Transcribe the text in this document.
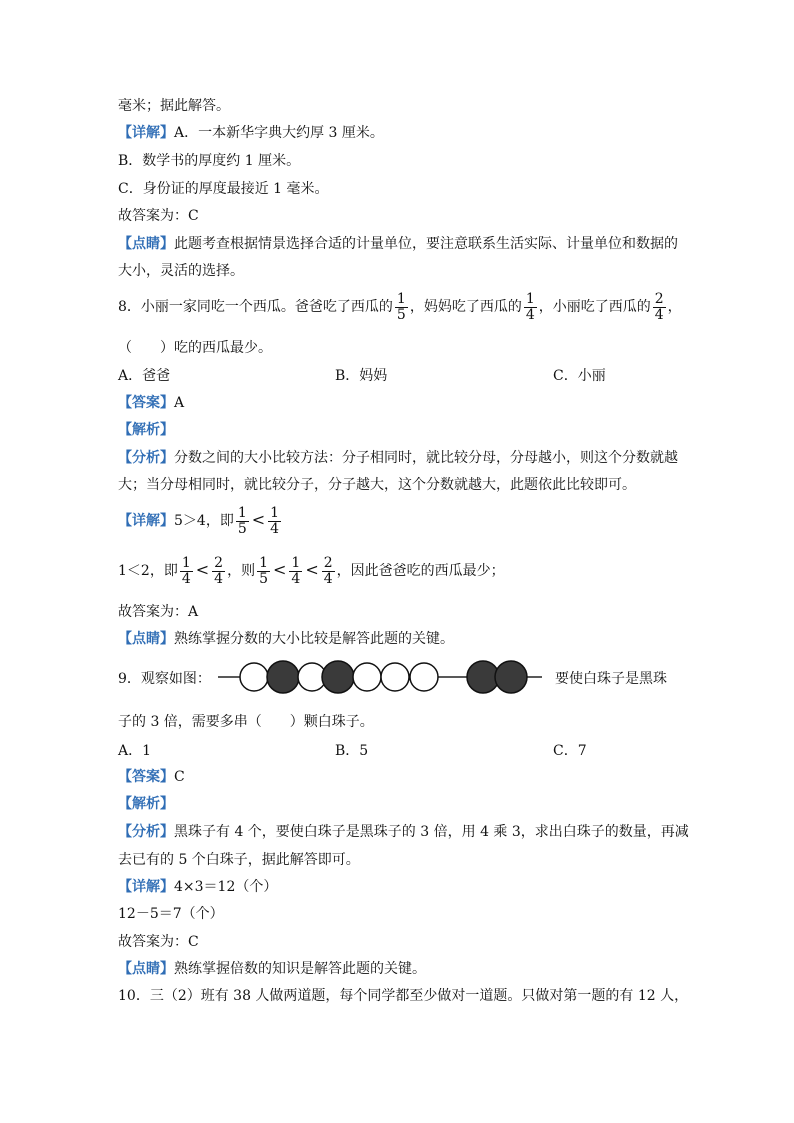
毫米；据此解答。
【详解】A．一本新华字典大约厚 3 厘米。
B．数学书的厚度约 1 厘米。
C．身份证的厚度最接近 1 毫米。
故答案为：C
【点睛】此题考查根据情景选择合适的计量单位，要注意联系生活实际、计量单位和数据的
大小，灵活的选择。
8．小丽一家同吃一个西瓜。爸爸吃了西瓜的 $\frac{1}{5}$ ，妈妈吃了西瓜的 $\frac{1}{4}$ ，小丽吃了西瓜的 $\frac{2}{4}$ ，
（　　）吃的西瓜最少。
A．爸爸	B．妈妈	C．小丽
【答案】A
【解析】
【分析】分数之间的大小比较方法：分子相同时，就比较分母，分母越小，则这个分数就越
大；当分母相同时，就比较分子，分子越大，这个分数就越大，此题依此比较即可。
【详解】5＞4，即 $\frac{1}{5} < \frac{1}{4}$
1＜2，即 $\frac{1}{4} < \frac{2}{4}$ ，则 $\frac{1}{5} < \frac{1}{4} < \frac{2}{4}$ ，因此爸爸吃的西瓜最少；
故答案为：A
【点睛】熟练掌握分数的大小比较是解答此题的关键。
9．观察如图：	要使白珠子是黑珠
子的 3 倍，需要多串（　　）颗白珠子。
A．1	B．5	C．7
【答案】C
【解析】
【分析】黑珠子有 4 个，要使白珠子是黑珠子的 3 倍，用 4 乘 3，求出白珠子的数量，再减
去已有的 5 个白珠子，据此解答即可。
【详解】4×3＝12（个）
12－5＝7（个）
故答案为：C
【点睛】熟练掌握倍数的知识是解答此题的关键。
10．三（2）班有 38 人做两道题，每个同学都至少做对一道题。只做对第一题的有 12 人，
